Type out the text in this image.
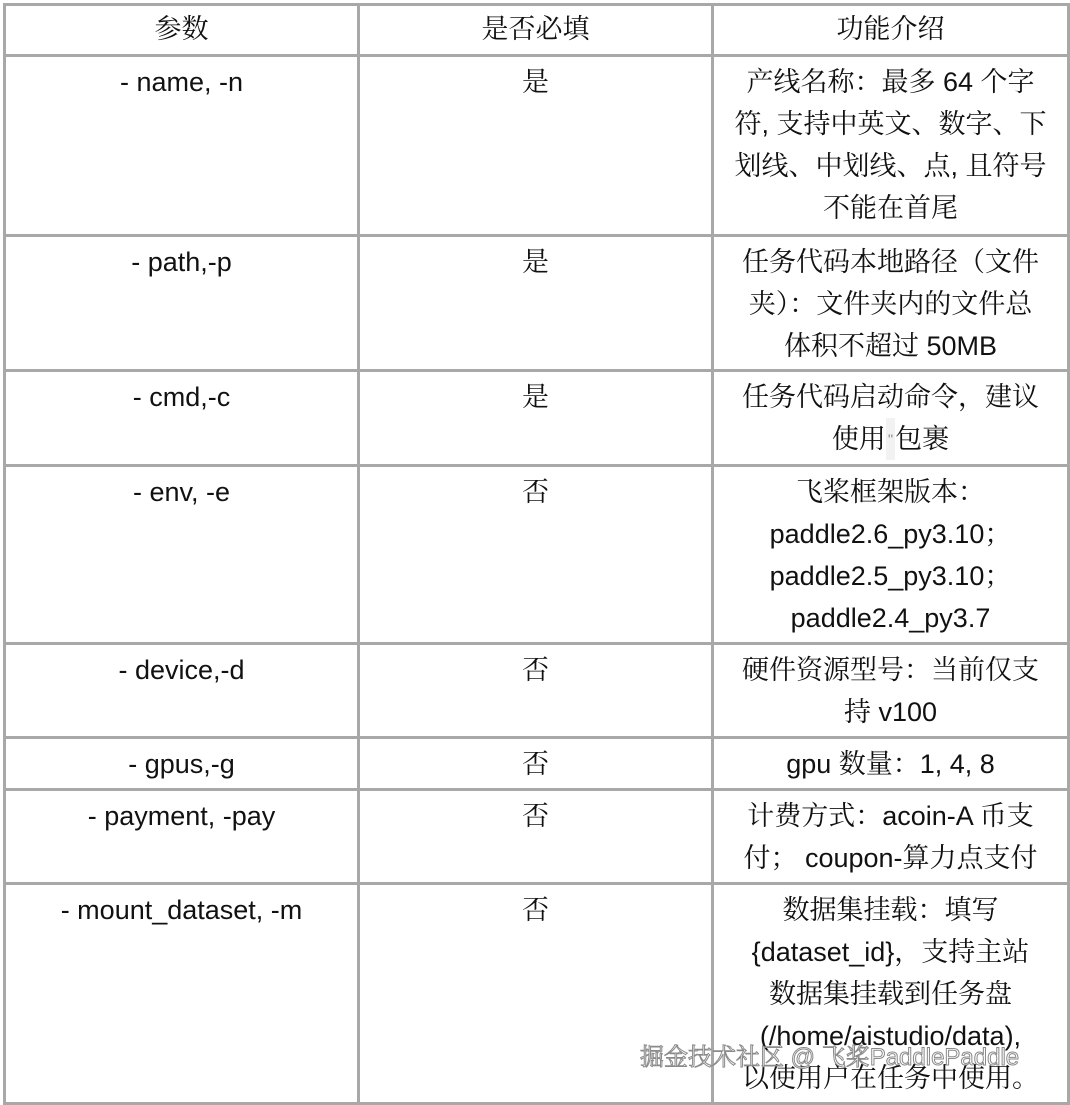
参数	是否必填	功能介绍
- name, -n	是	产线名称：最多 64 个字
符, 支持中英文、数字、下
划线、中划线、点, 且符号
不能在首尾

- path,-p	是	任务代码本地路径（文件
夹）：文件夹内的文件总
体积不超过 50MB

- cmd,-c	是	任务代码启动命令，建议
使用 ''包裹

- env, -e	否	飞桨框架版本：
paddle2.6_py3.10；
paddle2.5_py3.10；
paddle2.4_py3.7

- device,-d	否	硬件资源型号：当前仅支
持 v100

- gpus,-g	否	gpu 数量：1, 4, 8

- payment, -pay	否	计费方式：acoin-A 币支
付； coupon-算力点支付

- mount_dataset, -m	否	数据集挂载：填写
{dataset_id}，支持主站
数据集挂载到任务盘
(/home/aistudio/data),
以使用户在任务中使用。
掘金技术社区 @ 飞桨PaddlePaddle
